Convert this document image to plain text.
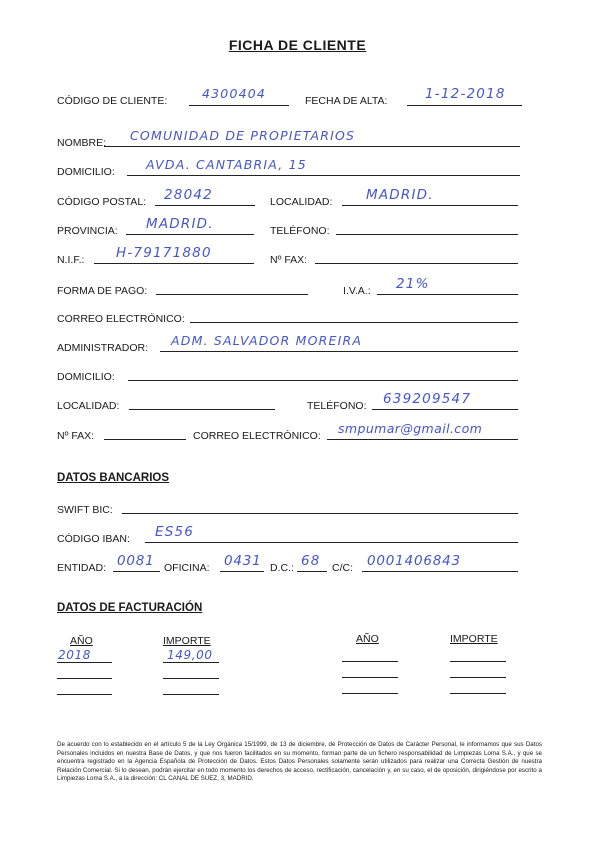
FICHA DE CLIENTE
CÓDIGO DE CLIENTE:	4300404	FECHA DE ALTA:	1-12-2018
NOMBRE: COMUNIDAD DE PROPIETARIOS
DOMICILIO: AVDA. CANTABRIA, 15
CÓDIGO POSTAL: 28042	LOCALIDAD: MADRID.
PROVINCIA: MADRID.	TELÉFONO:
N.I.F.: H-79171880	Nº FAX:
FORMA DE PAGO:	I.V.A.: 21%
CORREO ELECTRÓNICO:
ADMINISTRADOR: ADM. SALVADOR MOREIRA
DOMICILIO:
LOCALIDAD:	TELÉFONO: 639209547
Nº FAX:	CORREO ELECTRÓNICO: smpumar@gmail.com
DATOS BANCARIOS
SWIFT BIC:
CÓDIGO IBAN: ES56
ENTIDAD: 0081 OFICINA: 0431 D.C.: 68 C/C: 0001406843
DATOS DE FACTURACIÓN
AÑO	IMPORTE	AÑO	IMPORTE
2018	149,00
De acuerdo con lo establecido en el artículo 5 de la Ley Orgánica 15/1999, de 13 de diciembre, de Protección de Datos de Carácter Personal, le informamos que sus Datos Personales incluidos en nuestra Base de Datos, y que nos fueron facilitados en su momento, forman parte de un fichero responsabilidad de Limpiezas Loma S.A., y que se encuentra registrado en la Agencia Española de Protección de Datos. Estos Datos Personales solamente serán utilizados para realizar una Correcta Gestión de nuestra Relación Comercial. Si lo desean, podrán ejercitar en todo momento los derechos de acceso, rectificación, cancelación y, en su caso, el de oposición, dirigiéndose por escrito a Limpiezas Loma S.A., a la dirección: CL CANAL DE SUEZ, 3, MADRID.
